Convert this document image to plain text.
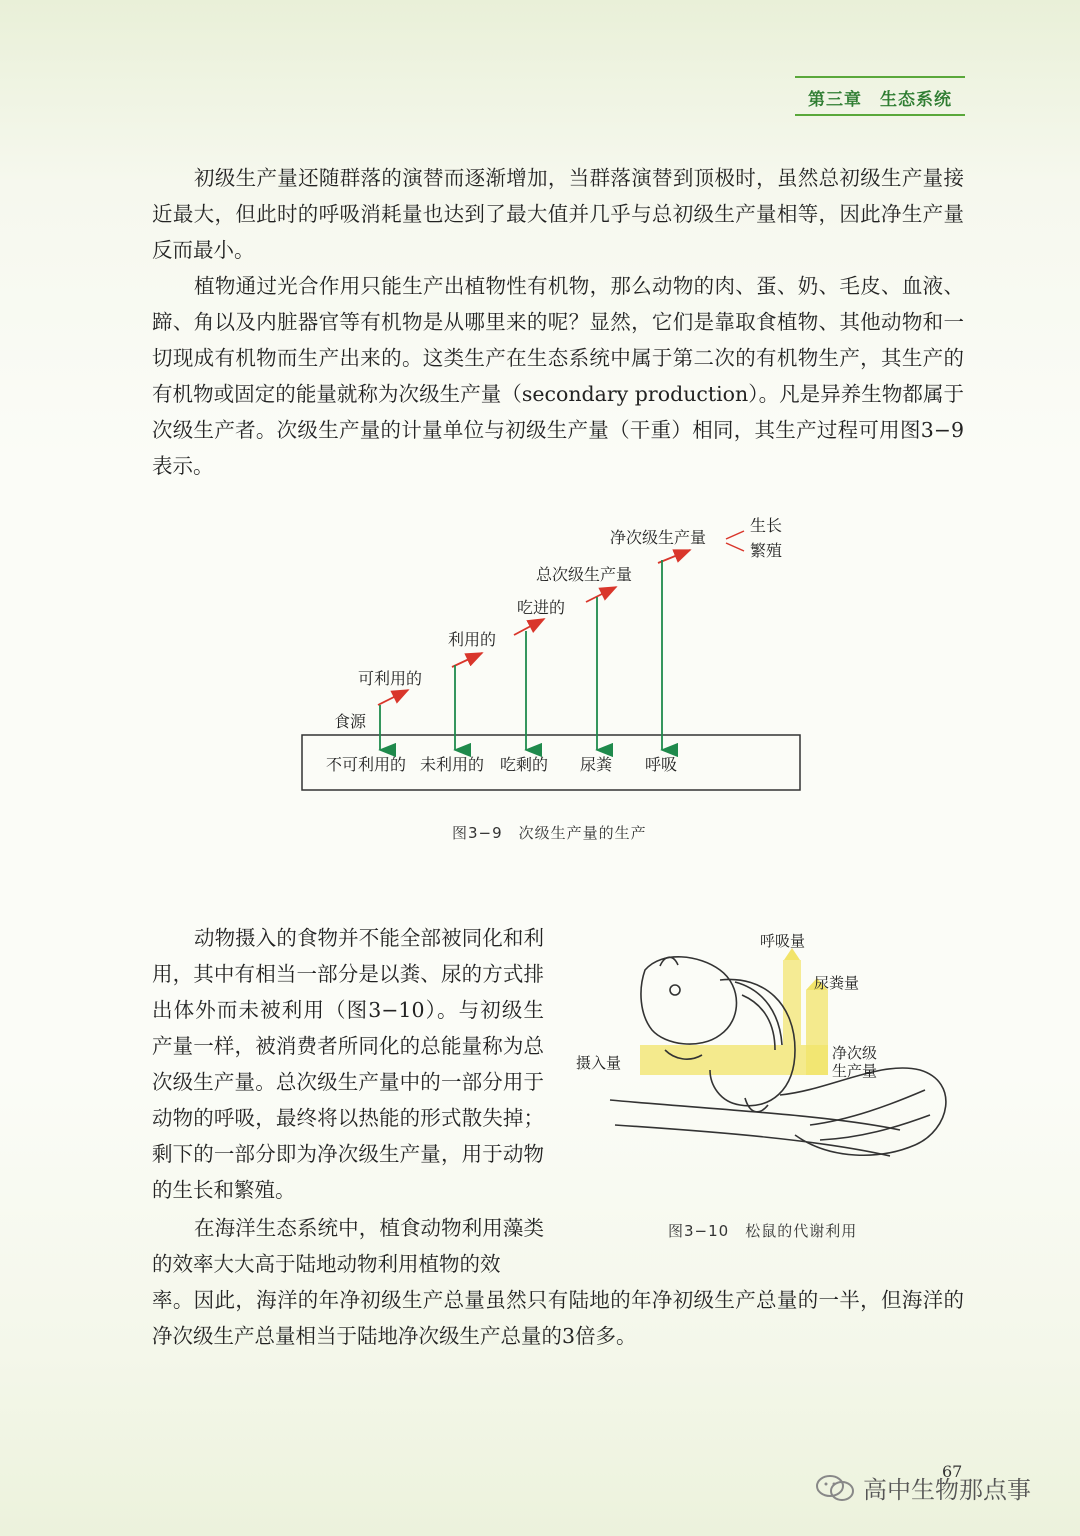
第三章　生态系统

初级生产量还随群落的演替而逐渐增加，当群落演替到顶极时，虽然总初级生产量接近最大，但此时的呼吸消耗量也达到了最大值并几乎与总初级生产量相等，因此净生产量反而最小。

植物通过光合作用只能生产出植物性有机物，那么动物的肉、蛋、奶、毛皮、血液、蹄、角以及内脏器官等有机物是从哪里来的呢？显然，它们是靠取食植物、其他动物和一切现成有机物而生产出来的。这类生产在生态系统中属于第二次的有机物生产，其生产的有机物或固定的能量就称为次级生产量（secondary production）。凡是异养生物都属于次级生产者。次级生产量的计量单位与初级生产量（干重）相同，其生产过程可用图3−9表示。

食源
可利用的
利用的
吃进的
总次级生产量
净次级生产量
生长
繁殖
不可利用的 未利用的 吃剩的 尿粪 呼吸
图3−9　次级生产量的生产

动物摄入的食物并不能全部被同化和利用，其中有相当一部分是以粪、尿的方式排出体外而未被利用（图3−10）。与初级生产量一样，被消费者所同化的总能量称为总次级生产量。总次级生产量中的一部分用于动物的呼吸，最终将以热能的形式散失掉；剩下的一部分即为净次级生产量，用于动物的生长和繁殖。

摄入量
呼吸量
尿粪量
净次级
生产量
图3−10　松鼠的代谢利用

在海洋生态系统中，植食动物利用藻类的效率大大高于陆地动物利用植物的效
率。因此，海洋的年净初级生产总量虽然只有陆地的年净初级生产总量的一半，但海洋的净次级生产总量相当于陆地净次级生产总量的3倍多。

67
高中生物那点事
